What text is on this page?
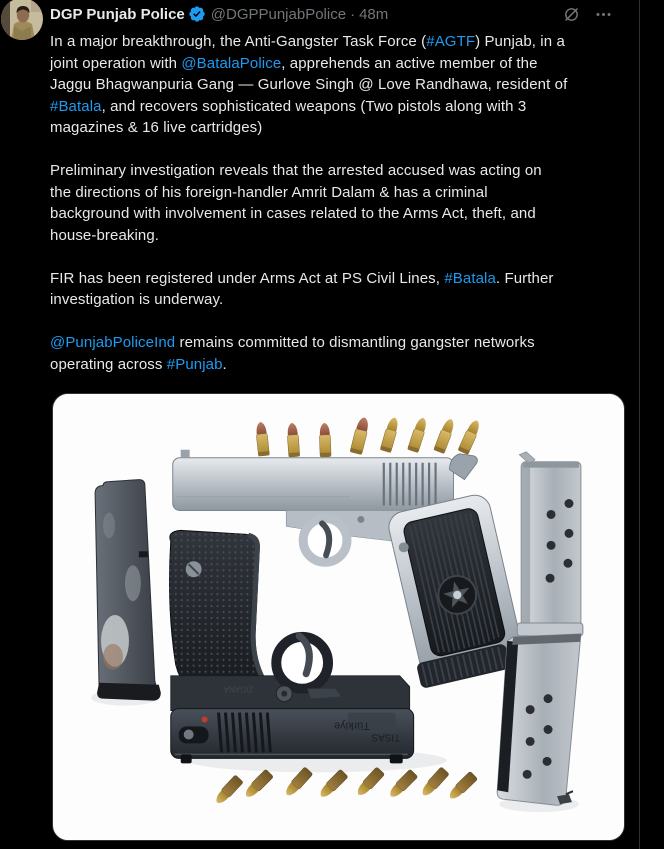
DGP Punjab Police @DGPPunjabPolice · 48m

In a major breakthrough, the Anti-Gangster Task Force (#AGTF) Punjab, in a
joint operation with @BatalaPolice, apprehends an active member of the
Jaggu Bhagwanpuria Gang — Gurlove Singh @ Love Randhawa, resident of
#Batala, and recovers sophisticated weapons (Two pistols along with 3
magazines & 16 live cartridges)

Preliminary investigation reveals that the arrested accused was acting on
the directions of his foreign-handler Amrit Dalam & has a criminal
background with involvement in cases related to the Arms Act, theft, and
house-breaking.

FIR has been registered under Arms Act at PS Civil Lines, #Batala. Further
investigation is underway.

@PunjabPoliceInd remains committed to dismantling gangster networks
operating across #Punjab.

Türkiye
TISAS
ZIGANA
